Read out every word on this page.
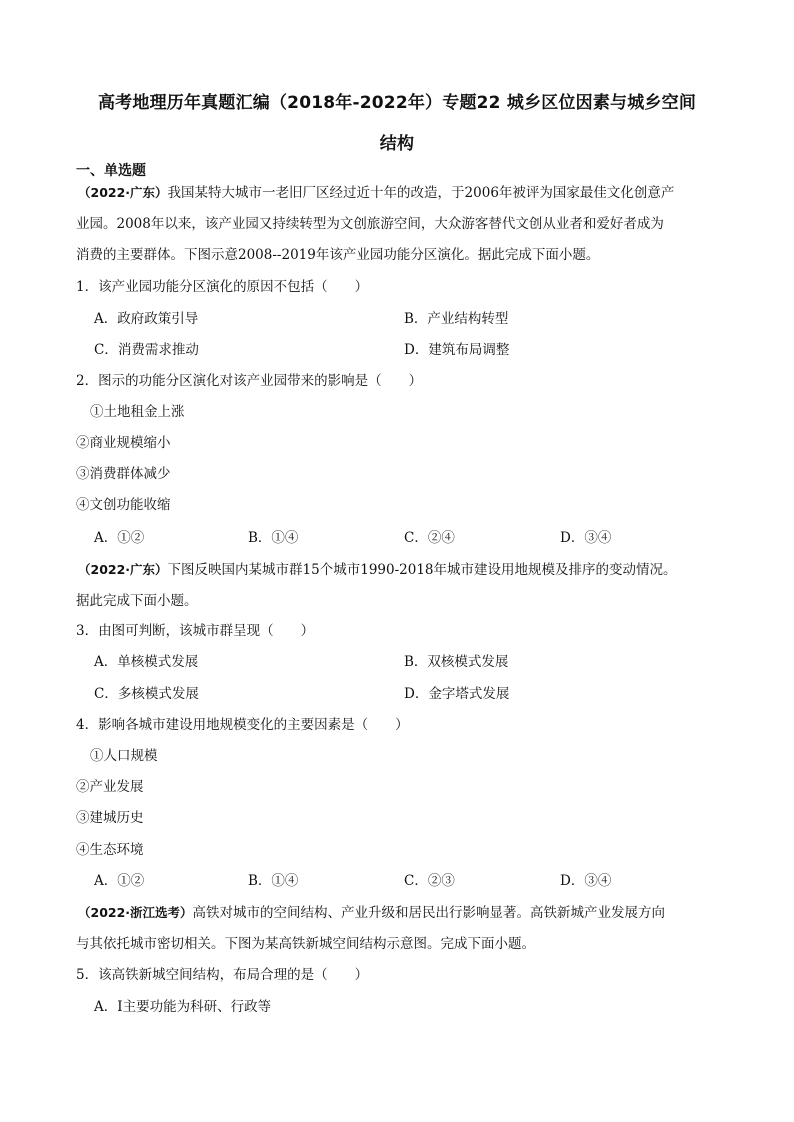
高考地理历年真题汇编（2018年-2022年）专题22 城乡区位因素与城乡空间
结构
一、单选题
（2022·广东）我国某特大城市一老旧厂区经过近十年的改造，于2006年被评为国家最佳文化创意产
业园。2008年以来，该产业园又持续转型为文创旅游空间，大众游客替代文创从业者和爱好者成为
消费的主要群体。下图示意2008--2019年该产业园功能分区演化。据此完成下面小题。
1．该产业园功能分区演化的原因不包括（　　）
A．政府政策引导	B．产业结构转型
C．消费需求推动	D．建筑布局调整
2．图示的功能分区演化对该产业园带来的影响是（　　）
①土地租金上涨
②商业规模缩小
③消费群体减少
④文创功能收缩
A．①②	B．①④	C．②④	D．③④
（2022·广东）下图反映国内某城市群15个城市1990-2018年城市建设用地规模及排序的变动情况。
据此完成下面小题。
3．由图可判断，该城市群呈现（　　）
A．单核模式发展	B．双核模式发展
C．多核模式发展	D．金字塔式发展
4．影响各城市建设用地规模变化的主要因素是（　　）
①人口规模
②产业发展
③建城历史
④生态环境
A．①②	B．①④	C．②③	D．③④
（2022·浙江选考）高铁对城市的空间结构、产业升级和居民出行影响显著。高铁新城产业发展方向
与其依托城市密切相关。下图为某高铁新城空间结构示意图。完成下面小题。
5．该高铁新城空间结构，布局合理的是（　　）
A．I主要功能为科研、行政等
